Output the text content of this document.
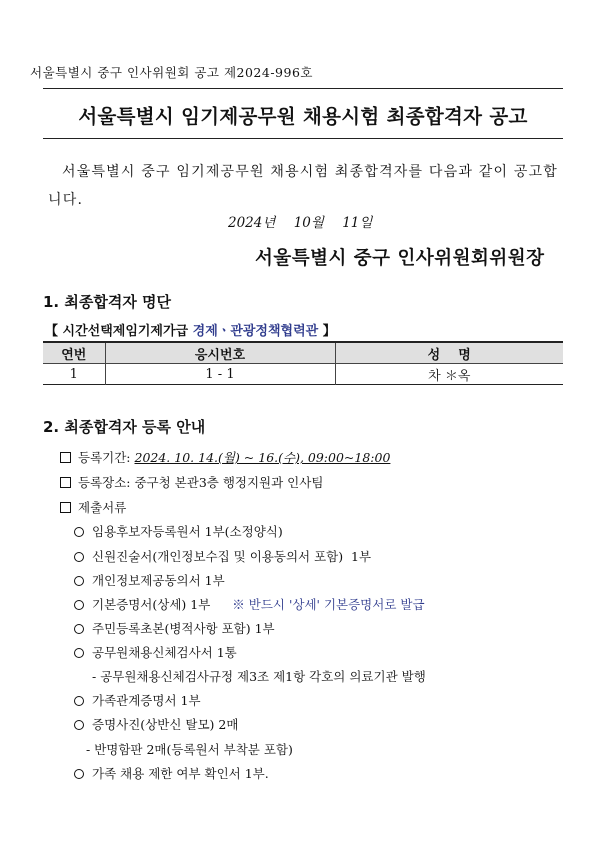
서울특별시 중구 인사위원회 공고 제2024-996호
서울특별시 임기제공무원 채용시험 최종합격자 공고
서울특별시 중구 임기제공무원 채용시험 최종합격자를 다음과 같이 공고합니다.
2024년 10월 11일
서울특별시 중구 인사위원회위원장
1. 최종합격자 명단
【 시간선택제임기제가급 경제ㆍ관광정책협력관 】
연번	응시번호	성    명
1	1 - 1	차 ＊옥
2. 최종합격자 등록 안내
등록기간: 2024. 10. 14.(월) ~ 16.(수), 09:00~18:00
등록장소: 중구청 본관3층 행정지원과 인사팀
제출서류
임용후보자등록원서 1부(소정양식)
신원진술서(개인정보수집 및 이용동의서 포함)  1부
개인정보제공동의서 1부
기본증명서(상세) 1부 ※ 반드시 '상세' 기본증명서로 발급
주민등록초본(병적사항 포함) 1부
공무원채용신체검사서 1통
- 공무원채용신체검사규정 제3조 제1항 각호의 의료기관 발행
가족관계증명서 1부
증명사진(상반신 탈모) 2매
- 반명함판 2매(등록원서 부착분 포함)
가족 채용 제한 여부 확인서 1부.
